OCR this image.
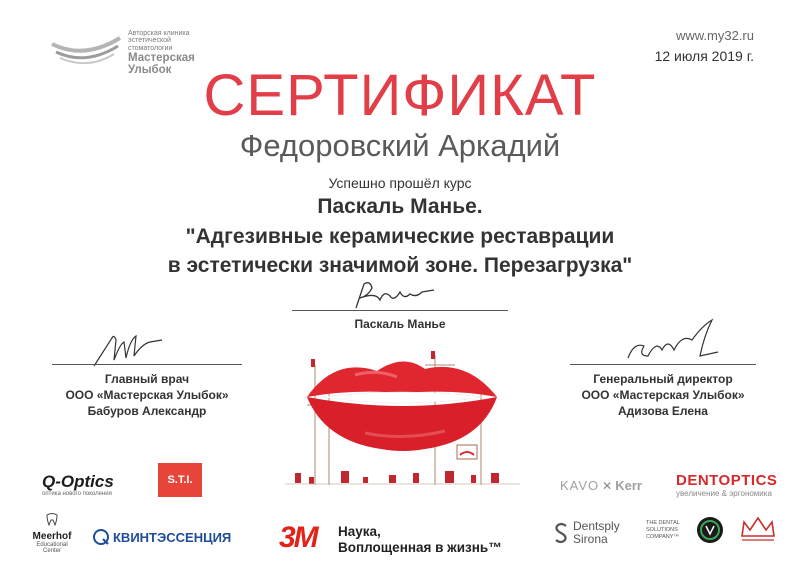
Авторская клиника
эстетической стоматологии
Мастерская
Улыбок
www.my32.ru
12 июля 2019 г.
СЕРТИФИКАТ
Федоровский Аркадий
Успешно прошёл курс
Паскаль Манье.
"Адгезивные керамические реставрации
в эстетически значимой зоне. Перезагрузка"
Паскаль Манье
Главный врач
ООО «Мастерская Улыбок»
Бабуров Александр
Генеральный директор
ООО «Мастерская Улыбок»
Адизова Елена
Q-Optics
оптика нового поколения
S.T.I.
Meerhof
Educational Center
КВИНТЭССЕНЦИЯ 3M Наука,
Воплощенная в жизнь™
KAVO ✕ Kerr DENTOPTICS
увеличение & эргономика
Dentsply
Sirona
THE DENTAL SOLUTIONS COMPANY™
